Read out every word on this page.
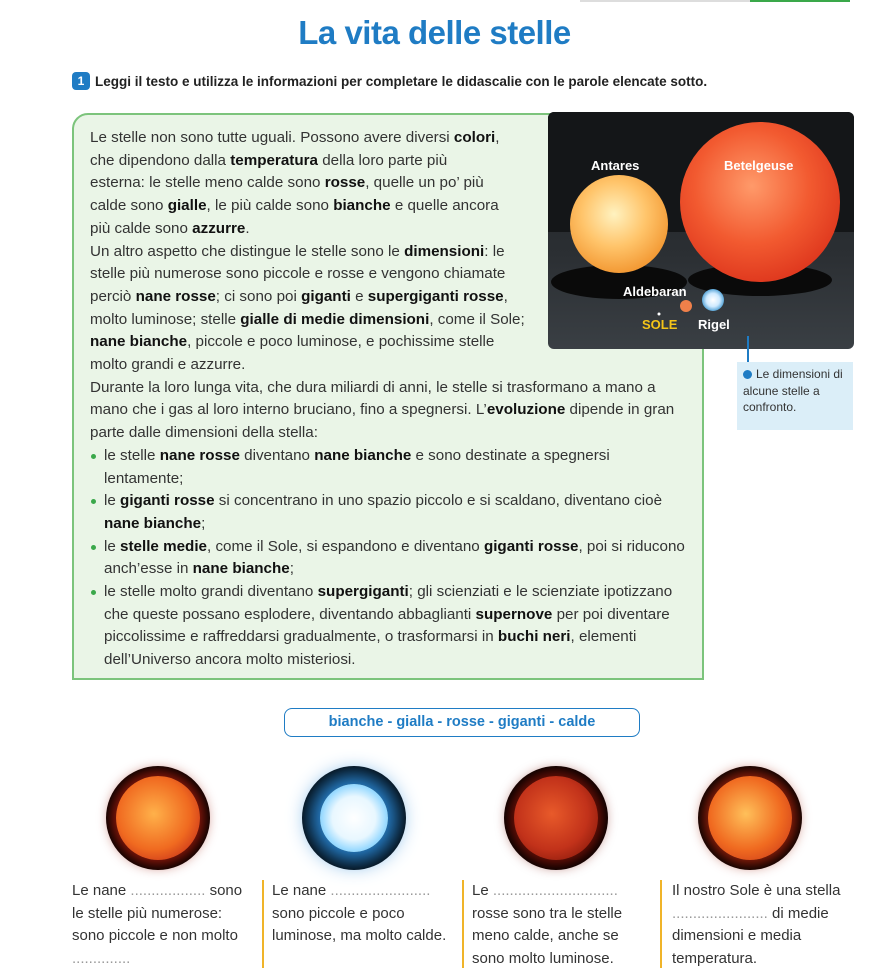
La vita delle stelle
1 Leggi il testo e utilizza le informazioni per completare le didascalie con le parole elencate sotto.

Le stelle non sono tutte uguali. Possono avere diversi colori, che dipendono dalla temperatura della loro parte più esterna: le stelle meno calde sono rosse, quelle un po’ più calde sono gialle, le più calde sono bianche e quelle ancora più calde sono azzurre.

Un altro aspetto che distingue le stelle sono le dimensioni: le stelle più numerose sono piccole e rosse e vengono chiamate perciò nane rosse; ci sono poi giganti e supergiganti rosse, molto luminose; stelle gialle di medie dimensioni, come il Sole; nane bianche, piccole e poco luminose, e pochissime stelle molto grandi e azzurre.

Durante la loro lunga vita, che dura miliardi di anni, le stelle si trasformano a mano a mano che i gas al loro interno bruciano, fino a spegnersi. L’evoluzione dipende in gran parte dalle dimensioni della stella:

le stelle nane rosse diventano nane bianche e sono destinate a spegnersi lentamente;
le giganti rosse si concentrano in uno spazio piccolo e si scaldano, diventano cioè nane bianche;
le stelle medie, come il Sole, si espandono e diventano giganti rosse, poi si riducono anch’esse in nane bianche;
le stelle molto grandi diventano supergiganti; gli scienziati e le scienziate ipotizzano che queste possano esplodere, diventando abbaglianti supernove per poi diventare piccolissime e raffreddarsi gradualmente, o trasformarsi in buchi neri, elementi dell’Universo ancora molto misteriosi.
Antares	Betelgeuse
Aldebaran
SOLE Rigel
Le dimensioni di alcune stelle a confronto.
bianche - gialla - rosse - giganti - calde
Le nane .................. sono le stelle più numerose: sono piccole e non molto ..............
Le nane ........................ sono piccole e poco luminose, ma molto calde.
Le .............................. rosse sono tra le stelle meno calde, anche se sono molto luminose.
Il nostro Sole è una stella ....................... di medie dimensioni e media temperatura.
